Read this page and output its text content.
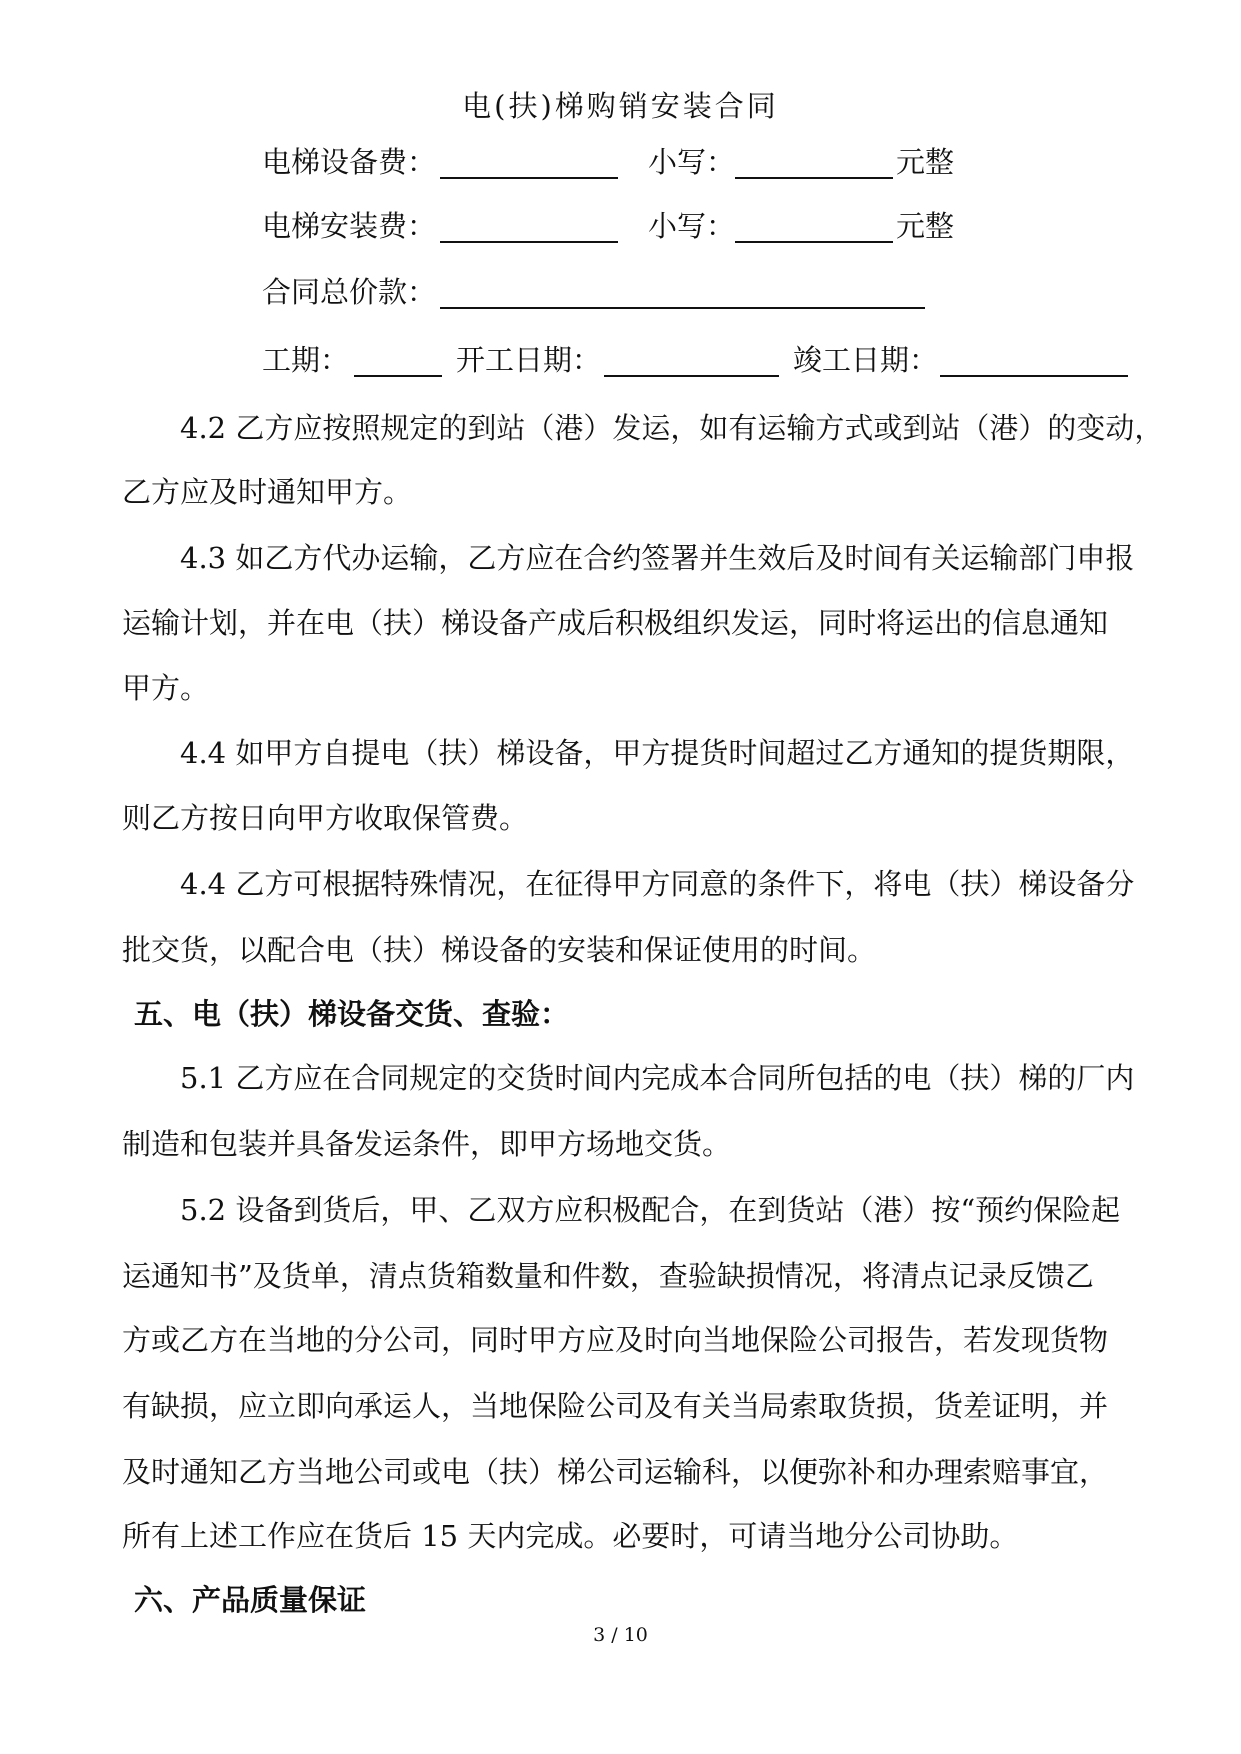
电(扶)梯购销安装合同
电梯设备费：	小写：	元整
电梯安装费：	小写：	元整
合同总价款：
工期：	开工日期：	竣工日期：
4.2 乙方应按照规定的到站（港）发运，如有运输方式或到站（港）的变动，
乙方应及时通知甲方。
4.3 如乙方代办运输，乙方应在合约签署并生效后及时间有关运输部门申报
运输计划，并在电（扶）梯设备产成后积极组织发运，同时将运出的信息通知
甲方。
4.4 如甲方自提电（扶）梯设备，甲方提货时间超过乙方通知的提货期限，
则乙方按日向甲方收取保管费。
4.4 乙方可根据特殊情况，在征得甲方同意的条件下，将电（扶）梯设备分
批交货，以配合电（扶）梯设备的安装和保证使用的时间。
五、电（扶）梯设备交货、查验：
5.1 乙方应在合同规定的交货时间内完成本合同所包括的电（扶）梯的厂内
制造和包装并具备发运条件，即甲方场地交货。
5.2 设备到货后，甲、乙双方应积极配合，在到货站（港）按“预约保险起
运通知书”及货单，清点货箱数量和件数，查验缺损情况，将清点记录反馈乙
方或乙方在当地的分公司，同时甲方应及时向当地保险公司报告，若发现货物
有缺损，应立即向承运人，当地保险公司及有关当局索取货损，货差证明，并
及时通知乙方当地公司或电（扶）梯公司运输科，以便弥补和办理索赔事宜，
所有上述工作应在货后 15 天内完成。必要时，可请当地分公司协助。
六、产品质量保证
3 / 10
